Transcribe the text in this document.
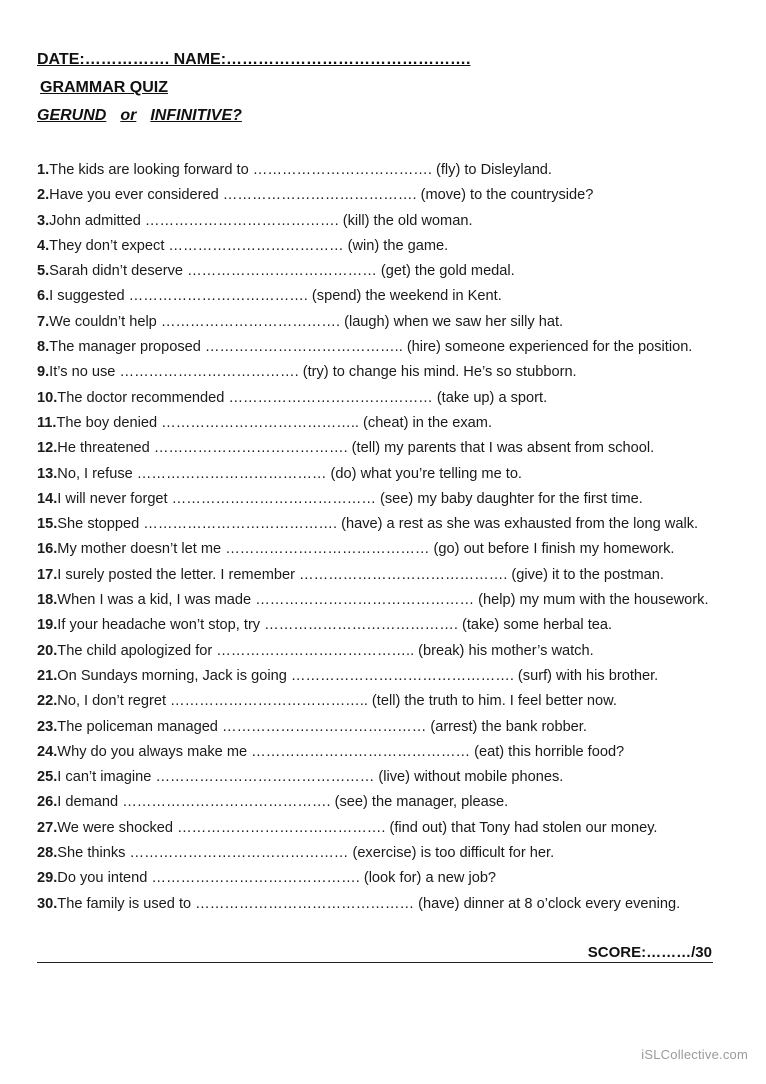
DATE:……………. NAME:……………………………………….
GRAMMAR QUIZ
GERUND or INFINITIVE?
1.The kids are looking forward to ………………………………. (fly) to Disleyland.
2.Have you ever considered …………………………………. (move) to the countryside?
3.John admitted …………………………………. (kill) the old woman.
4.They don’t expect ……………………………… (win) the game.
5.Sarah didn’t deserve ………………………………… (get) the gold medal.
6.I suggested ………………………………. (spend) the weekend in Kent.
7.We couldn’t help ………………………………. (laugh) when we saw her silly hat.
8.The manager proposed ………………………………….. (hire) someone experienced for the position.
9.It’s no use ………………………………. (try) to change his mind. He’s so stubborn.
10.The doctor recommended …………………………………… (take up) a sport.
11.The boy denied ………………………………….. (cheat) in the exam.
12.He threatened …………………………………. (tell) my parents that I was absent from school.
13.No, I refuse ………………………………… (do) what you’re telling me to.
14.I will never forget …………………………………… (see) my baby daughter for the first time.
15.She stopped …………………………………. (have) a rest as she was exhausted from the long walk.
16.My mother doesn’t let me …………………………………… (go) out before I finish my homework.
17.I surely posted the letter. I remember ……………………………………. (give) it to the postman.
18.When I was a kid, I was made ……………………………………… (help) my mum with the housework.
19.If your headache won’t stop, try …………………………………. (take) some herbal tea.
20.The child apologized for ………………………………….. (break) his mother’s watch.
21.On Sundays morning, Jack is going ………………………………………. (surf) with his brother.
22.No, I don’t regret ………………………………….. (tell) the truth to him. I feel better now.
23.The policeman managed …………………………………… (arrest) the bank robber.
24.Why do you always make me ……………………………………… (eat) this horrible food?
25.I can’t imagine ……………………………………… (live) without mobile phones.
26.I demand ……………………………………. (see) the manager, please.
27.We were shocked ……………………………………. (find out) that Tony had stolen our money.
28.She thinks ……………………………………… (exercise) is too difficult for her.
29.Do you intend ……………………………………. (look for) a new job?
30.The family is used to ……………………………………… (have) dinner at 8 o’clock every evening.
SCORE:………/30
iSLCollective.com
